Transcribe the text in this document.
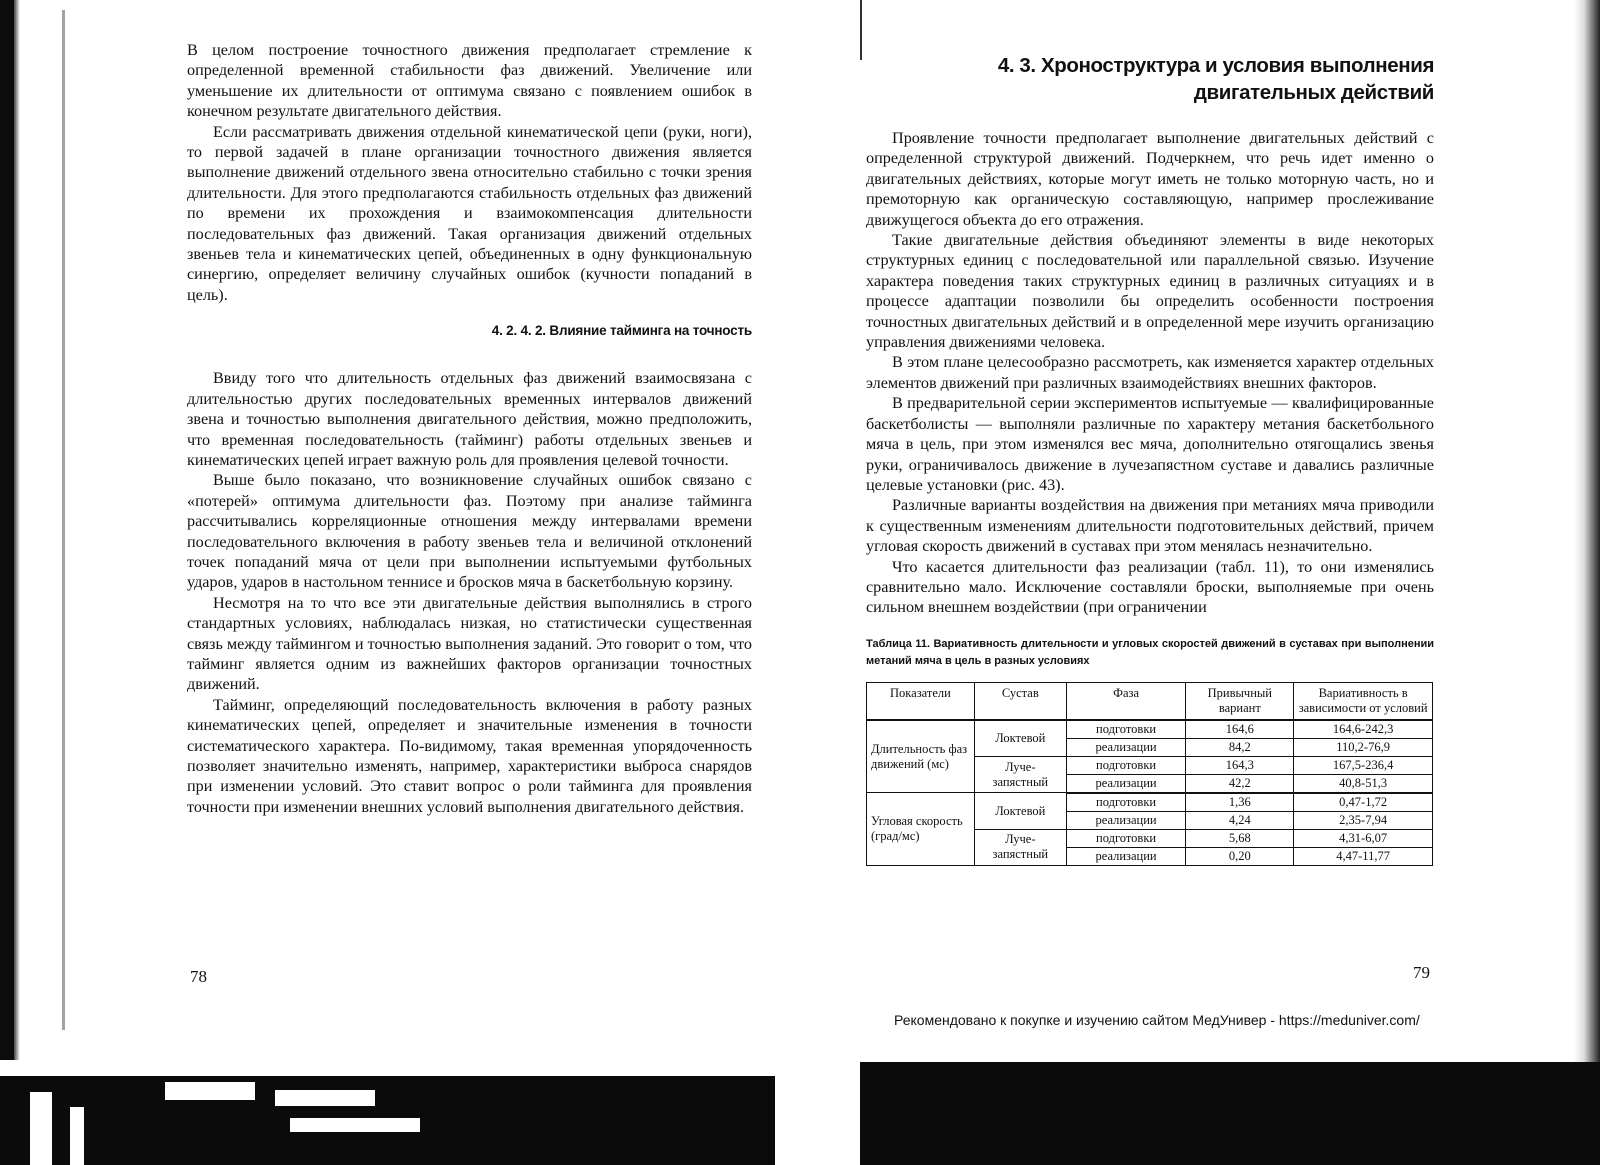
В целом построение точностного движения предполагает стремление к определенной временной стабильности фаз движений. Увеличение или уменьшение их длительности от оптимума связано с появлением ошибок в конечном результате двигательного действия.

Если рассматривать движения отдельной кинематической цепи (руки, ноги), то первой задачей в плане организации точностного движения является выполнение движений отдельного звена относительно стабильно с точки зрения длительности. Для этого предполагаются стабильность отдельных фаз движений по времени их прохождения и взаимокомпенсация длительности последовательных фаз движений. Такая организация движений отдельных звеньев тела и кинематических цепей, объединенных в одну функциональную синергию, определяет величину случайных ошибок (кучности попаданий в цель).

4. 2. 4. 2. Влияние тайминга на точность

Ввиду того что длительность отдельных фаз движений взаимосвязана с длительностью других последовательных временных интервалов движений звена и точностью выполнения двигательного действия, можно предположить, что временная последовательность (тайминг) работы отдельных звеньев и кинематических цепей играет важную роль для проявления целевой точности.

Выше было показано, что возникновение случайных ошибок связано с «потерей» оптимума длительности фаз. Поэтому при анализе тайминга рассчитывались корреляционные отношения между интервалами времени последовательного включения в работу звеньев тела и величиной отклонений точек попаданий мяча от цели при выполнении испытуемыми футбольных ударов, ударов в настольном теннисе и бросков мяча в баскетбольную корзину.

Несмотря на то что все эти двигательные действия выполнялись в строго стандартных условиях, наблюдалась низкая, но статистически существенная связь между таймингом и точностью выполнения заданий. Это говорит о том, что тайминг является одним из важнейших факторов организации точностных движений.

Тайминг, определяющий последовательность включения в работу разных кинематических цепей, определяет и значительные изменения в точности систематического характера. По-видимому, такая временная упорядоченность позволяет значительно изменять, например, характеристики выброса снарядов при изменении условий. Это ставит вопрос о роли тайминга для проявления точности при изменении внешних условий выполнения двигательного действия.

78
4. 3. Хроноструктура и условия выполнения двигательных действий

Проявление точности предполагает выполнение двигательных действий с определенной структурой движений. Подчеркнем, что речь идет именно о двигательных действиях, которые могут иметь не только моторную часть, но и премоторную как органическую составляющую, например прослеживание движущегося объекта до его отражения.

Такие двигательные действия объединяют элементы в виде некоторых структурных единиц с последовательной или параллельной связью. Изучение характера поведения таких структурных единиц в различных ситуациях и в процессе адаптации позволили бы определить особенности построения точностных двигательных действий и в определенной мере изучить организацию управления движениями человека.

В этом плане целесообразно рассмотреть, как изменяется характер отдельных элементов движений при различных взаимодействиях внешних факторов.

В предварительной серии экспериментов испытуемые — квалифицированные баскетболисты — выполняли различные по характеру метания баскетбольного мяча в цель, при этом изменялся вес мяча, дополнительно отягощались звенья руки, ограничивалось движение в лучезапястном суставе и давались различные целевые установки (рис. 43).

Различные варианты воздействия на движения при метаниях мяча приводили к существенным изменениям длительности подготовительных действий, причем угловая скорость движений в суставах при этом менялась незначительно.

Что касается длительности фаз реализации (табл. 11), то они изменялись сравнительно мало. Исключение составляли броски, выполняемые при очень сильном внешнем воздействии (при ограничении

Таблица 11. Вариативность длительности и угловых скоростей движений в суставах при выполнении метаний мяча в цель в разных условиях
Показатели	Сустав	Фаза	Привычный вариант	Вариативность в зависимости от условий
Длительность фаз движений (мс)	Локтевой	подготовки	164,6	164,6-242,3
		реализации	84,2	110,2-76,9
	Луче-запястный	подготовки	164,3	167,5-236,4
		реализации	42,2	40,8-51,3
Угловая скорость (град/мс)	Локтевой	подготовки	1,36	0,47-1,72
		реализации	4,24	2,35-7,94
	Луче-запястный	подготовки	5,68	4,31-6,07
		реализации	0,20	4,47-11,77
79
Рекомендовано к покупке и изучению сайтом МедУнивер - https://meduniver.com/
